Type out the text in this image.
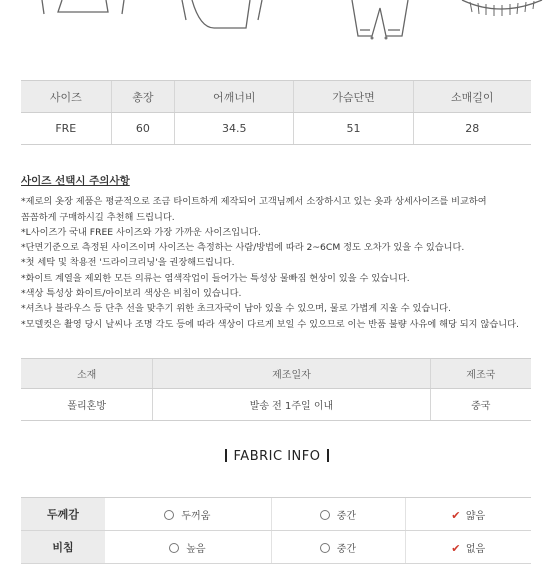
사이즈	총장	어깨너비	가슴단면	소매길이
FRE	60	34.5	51	28
사이즈 선택시 주의사항

*제로의 옷장 제품은 평균적으로 조금 타이트하게 제작되어 고객님께서 소장하시고 있는 옷과 상세사이즈를 비교하여

꼼꼼하게 구매하시길 추천해 드립니다.

*L사이즈가 국내 FREE 사이즈와 가장 가까운 사이즈입니다.

*단면기준으로 측정된 사이즈이며 사이즈는 측정하는 사람/방법에 따라 2~6CM 정도 오차가 있을 수 있습니다.

*첫 세탁 및 착용전 '드라이크리닝'을 권장해드립니다.

*화이트 계열을 제외한 모든 의류는 염색작업이 들어가는 특성상 물빠짐 현상이 있을 수 있습니다.

*색상 특성상 화이트/아이보리 색상은 비침이 있습니다.

*셔츠나 블라우스 등 단추 선을 맞추기 위한 초크자국이 남아 있을 수 있으며, 물로 가볍게 지울 수 있습니다.

*모델컷은 촬영 당시 날씨나 조명 각도 등에 따라 색상이 다르게 보일 수 있으므로 이는 반품 불량 사유에 해당 되지 않습니다.

소재	제조일자	제조국
폴리혼방	발송 전 1주일 이내	중국
FABRIC INFO
두께감	두꺼움	중간	✔ 얇음
비침	높음	중간	✔ 없음
